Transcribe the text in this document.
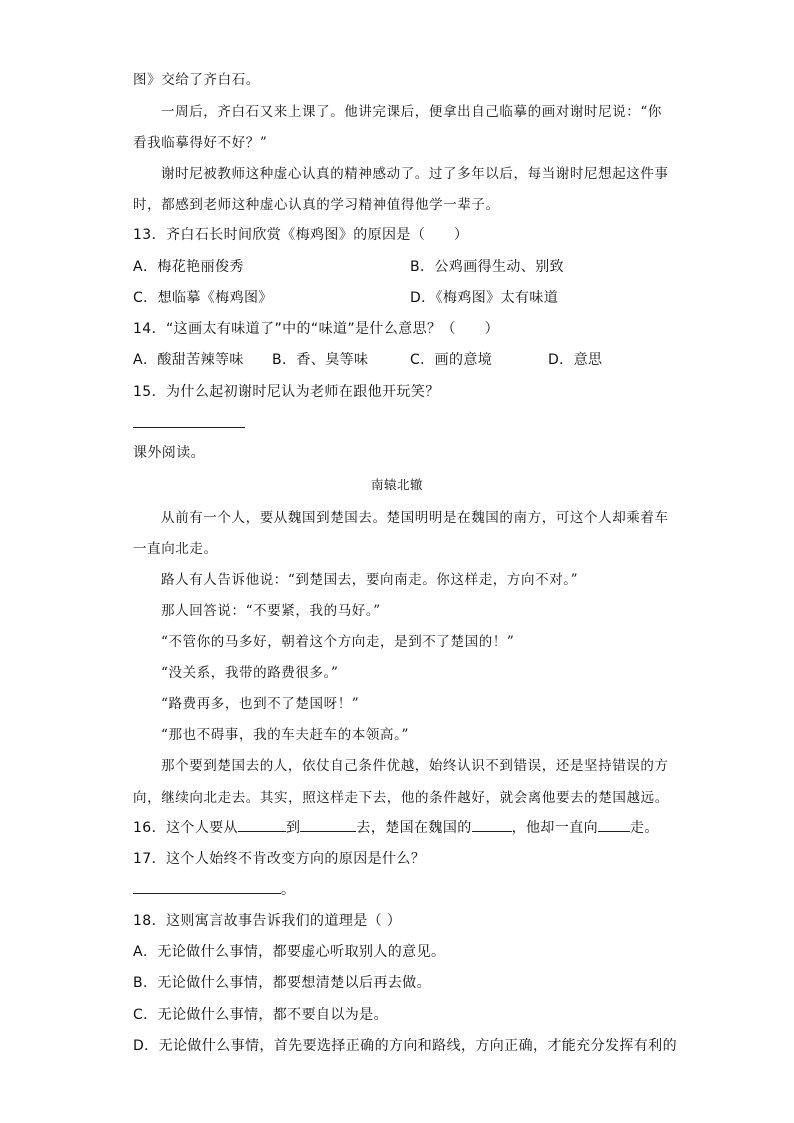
图》交给了齐白石。
一周后，齐白石又来上课了。他讲完课后，便拿出自己临摹的画对谢时尼说：“你
看我临摹得好不好？”
谢时尼被教师这种虚心认真的精神感动了。过了多年以后，每当谢时尼想起这件事
时，都感到老师这种虚心认真的学习精神值得他学一辈子。
13．齐白石长时间欣赏《梅鸡图》的原因是（　　）
A．梅花艳丽俊秀	B．公鸡画得生动、别致
C．想临摹《梅鸡图》	D．《梅鸡图》太有味道
14．“这画太有味道了”中的“味道”是什么意思？（　　）
A．酸甜苦辣等味 B．香、臭等味	C．画的意境	D．意思
15．为什么起初谢时尼认为老师在跟他开玩笑？
课外阅读。
南辕北辙
从前有一个人，要从魏国到楚国去。楚国明明是在魏国的南方，可这个人却乘着车
一直向北走。
路人有人告诉他说：“到楚国去，要向南走。你这样走，方向不对。”
那人回答说：“不要紧，我的马好。”
“不管你的马多好，朝着这个方向走，是到不了楚国的！”
“没关系，我带的路费很多。”
“路费再多，也到不了楚国呀！”
“那也不碍事，我的车夫赶车的本领高。”
那个要到楚国去的人，依仗自己条件优越，始终认识不到错误，还是坚持错误的方
向，继续向北走去。其实，照这样走下去，他的条件越好，就会离他要去的楚国越远。
16．这个人要从	到	去，楚国在魏国的	，他却一直向 走。
17．这个人始终不肯改变方向的原因是什么？
。
18．这则寓言故事告诉我们的道理是（ ）
A．无论做什么事情，都要虚心听取别人的意见。
B．无论做什么事情，都要想清楚以后再去做。
C．无论做什么事情，都不要自以为是。
D．无论做什么事情，首先要选择正确的方向和路线，方向正确，才能充分发挥有利的
